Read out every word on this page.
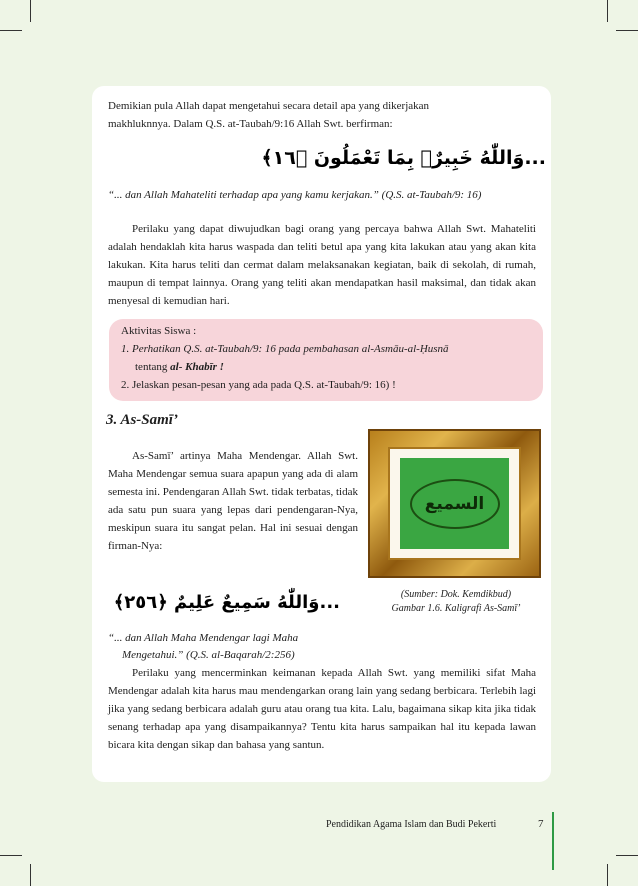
Demikian pula Allah dapat mengetahui secara detail apa yang dikerjakan

makhluknnya. Dalam Q.S. at-Taubah/9:16 Allah Swt. berfirman:

...وَاللّٰهُ خَبِيرٌۢ بِمَا تَعْمَلُونَ ﴿١٦﴾

“... dan Allah Mahateliti terhadap apa yang kamu kerjakan.” (Q.S. at-Taubah/9: 16)

Perilaku yang dapat diwujudkan bagi orang yang percaya bahwa Allah Swt. Mahateliti adalah hendaklah kita harus waspada dan teliti betul apa yang kita lakukan atau yang akan kita lakukan. Kita harus teliti dan cermat dalam melaksanakan kegiatan, baik di sekolah, di rumah, maupun di tempat lainnya. Orang yang teliti akan mendapatkan hasil maksimal, dan tidak akan menyesal di kemudian hari.

Aktivitas Siswa :

1. Perhatikan Q.S. at-Taubah/9: 16 pada pembahasan al-Asmāu-al-Ḥusnā

tentang al- Khabīr !

2. Jelaskan pesan-pesan yang ada pada Q.S. at-Taubah/9: 16) !

3. As-Samī’

As-Samī’ artinya Maha Mendengar. Allah Swt. Maha Mendengar semua suara apapun yang ada di alam semesta ini. Pendengaran Allah Swt. tidak terbatas, tidak ada satu pun suara yang lepas dari pendengaran-Nya, meskipun suara itu sangat pelan. Hal ini sesuai dengan firman-Nya:

السميع

(Sumber: Dok. Kemdikbud)

Gambar 1.6. Kaligrafi As-Samī’

...وَاللّٰهُ سَمِيعٌ عَلِيمٌ ﴿٢٥٦﴾

“... dan Allah Maha Mendengar lagi Maha

Mengetahui.” (Q.S. al-Baqarah/2:256)

Perilaku yang mencerminkan keimanan kepada Allah Swt. yang memiliki sifat Maha Mendengar adalah kita harus mau mendengarkan orang lain yang sedang berbicara. Terlebih lagi jika yang sedang berbicara adalah guru atau orang tua kita. Lalu, bagaimana sikap kita jika tidak senang terhadap apa yang disampaikannya? Tentu kita harus sampaikan hal itu kepada lawan bicara kita dengan sikap dan bahasa yang santun.

Pendidikan Agama Islam dan Budi Pekerti	7
